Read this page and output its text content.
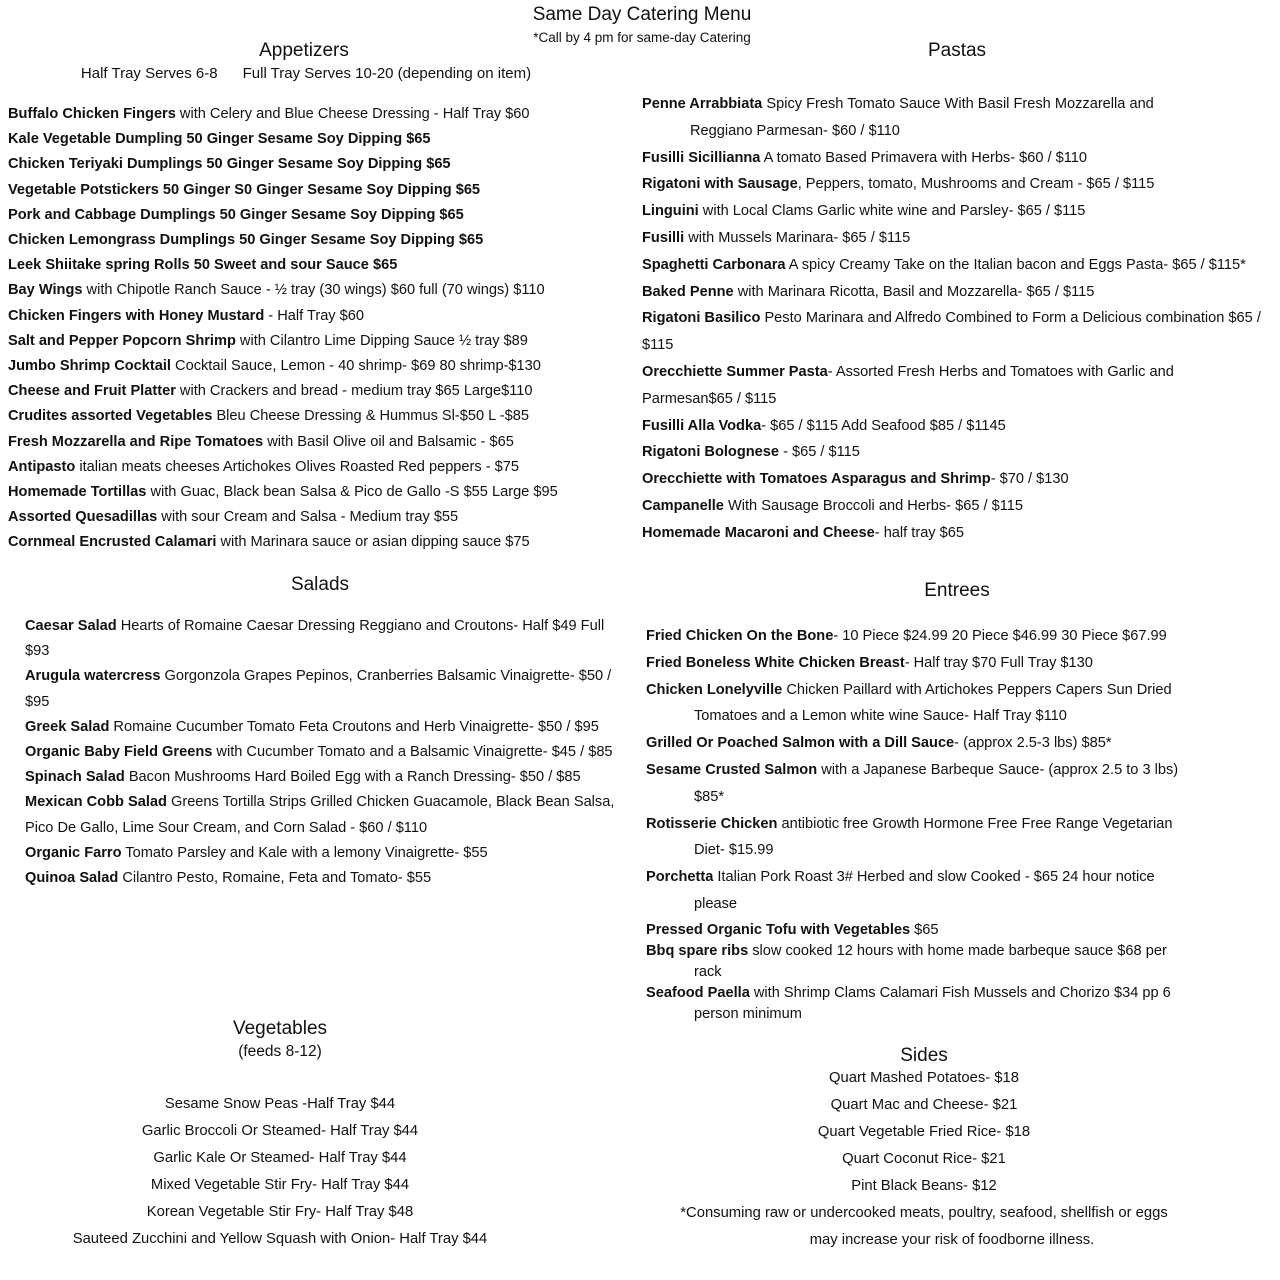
Same Day Catering Menu
*Call by 4 pm for same-day Catering
Appetizers
Half Tray Serves 6-8      Full Tray Serves 10-20 (depending on item)
Buffalo Chicken Fingers with Celery and Blue Cheese Dressing - Half Tray $60
Kale Vegetable Dumpling 50 Ginger Sesame Soy Dipping $65
Chicken Teriyaki Dumplings 50 Ginger Sesame Soy Dipping $65
Vegetable Potstickers 50 Ginger S0 Ginger Sesame Soy Dipping $65
Pork and Cabbage Dumplings 50 Ginger Sesame Soy Dipping $65
Chicken Lemongrass Dumplings 50 Ginger Sesame Soy Dipping $65
Leek Shiitake spring Rolls 50 Sweet and sour Sauce $65
Bay Wings with Chipotle Ranch Sauce - ½ tray (30 wings) $60 full (70 wings) $110
Chicken Fingers with Honey Mustard - Half Tray $60
Salt and Pepper Popcorn Shrimp with Cilantro Lime Dipping Sauce ½ tray $89
Jumbo Shrimp Cocktail Cocktail Sauce, Lemon - 40 shrimp- $69 80 shrimp-$130
Cheese and Fruit Platter with Crackers and bread - medium tray $65 Large$110
Crudites assorted Vegetables Bleu Cheese Dressing & Hummus Sl-$50 L -$85
Fresh Mozzarella and Ripe Tomatoes with Basil Olive oil and Balsamic - $65
Antipasto italian meats cheeses Artichokes Olives Roasted Red peppers - $75
Homemade Tortillas with Guac, Black bean Salsa & Pico de Gallo -S $55 Large $95
Assorted Quesadillas with sour Cream and Salsa - Medium tray $55
Cornmeal Encrusted Calamari with Marinara sauce or asian dipping sauce $75
Salads
Caesar Salad Hearts of Romaine Caesar Dressing Reggiano and Croutons- Half $49 Full $93
Arugula watercress Gorgonzola Grapes Pepinos, Cranberries Balsamic Vinaigrette- $50 / $95
Greek Salad Romaine Cucumber Tomato Feta Croutons and Herb Vinaigrette- $50 / $95
Organic Baby Field Greens with Cucumber Tomato and a Balsamic Vinaigrette- $45 / $85
Spinach Salad Bacon Mushrooms Hard Boiled Egg with a Ranch Dressing- $50 / $85
Mexican Cobb Salad Greens Tortilla Strips Grilled Chicken Guacamole, Black Bean Salsa, Pico De Gallo, Lime Sour Cream, and Corn Salad - $60 / $110
Organic Farro Tomato Parsley and Kale with a lemony Vinaigrette- $55
Quinoa Salad Cilantro Pesto, Romaine, Feta and Tomato- $55
Vegetables
(feeds 8-12)
Sesame Snow Peas -Half Tray $44
Garlic Broccoli Or Steamed- Half Tray $44
Garlic Kale Or Steamed- Half Tray $44
Mixed Vegetable Stir Fry- Half Tray $44
Korean Vegetable Stir Fry- Half Tray $48
Sauteed Zucchini and Yellow Squash with Onion- Half Tray $44
Pastas
Penne Arrabbiata Spicy Fresh Tomato Sauce With Basil Fresh Mozzarella and
Reggiano Parmesan- $60 / $110
Fusilli Sicillianna A tomato Based Primavera with Herbs- $60 / $110
Rigatoni with Sausage, Peppers, tomato, Mushrooms and Cream - $65 / $115
Linguini with Local Clams Garlic white wine and Parsley- $65 / $115
Fusilli with Mussels Marinara- $65 / $115
Spaghetti Carbonara A spicy Creamy Take on the Italian bacon and Eggs Pasta- $65 / $115*
Baked Penne with Marinara Ricotta, Basil and Mozzarella- $65 / $115
Rigatoni Basilico Pesto Marinara and Alfredo Combined to Form a Delicious combination $65 / $115
Orecchiette Summer Pasta- Assorted Fresh Herbs and Tomatoes with Garlic and Parmesan$65 / $115
Fusilli Alla Vodka- $65 / $115 Add Seafood $85 / $1145
Rigatoni Bolognese - $65 / $115
Orecchiette with Tomatoes Asparagus and Shrimp- $70 / $130
Campanelle With Sausage Broccoli and Herbs- $65 / $115
Homemade Macaroni and Cheese- half tray $65
Entrees
Fried Chicken On the Bone- 10 Piece $24.99 20 Piece $46.99 30 Piece $67.99
Fried Boneless White Chicken Breast- Half tray $70 Full Tray $130
Chicken Lonelyville Chicken Paillard with Artichokes Peppers Capers Sun Dried
Tomatoes and a Lemon white wine Sauce- Half Tray $110
Grilled Or Poached Salmon with a Dill Sauce- (approx 2.5-3 lbs) $85*
Sesame Crusted Salmon with a Japanese Barbeque Sauce- (approx 2.5 to 3 lbs)
$85*
Rotisserie Chicken antibiotic free Growth Hormone Free Free Range Vegetarian
Diet- $15.99
Porchetta Italian Pork Roast 3# Herbed and slow Cooked - $65 24 hour notice
please
Pressed Organic Tofu with Vegetables $65
Bbq spare ribs slow cooked 12 hours with home made barbeque sauce $68 per
rack
Seafood Paella with Shrimp Clams Calamari Fish Mussels and Chorizo $34 pp 6
person minimum
Sides
Quart Mashed Potatoes- $18
Quart Mac and Cheese- $21
Quart Vegetable Fried Rice- $18
Quart Coconut Rice- $21
Pint Black Beans- $12
*Consuming raw or undercooked meats, poultry, seafood, shellfish or eggs
may increase your risk of foodborne illness.
